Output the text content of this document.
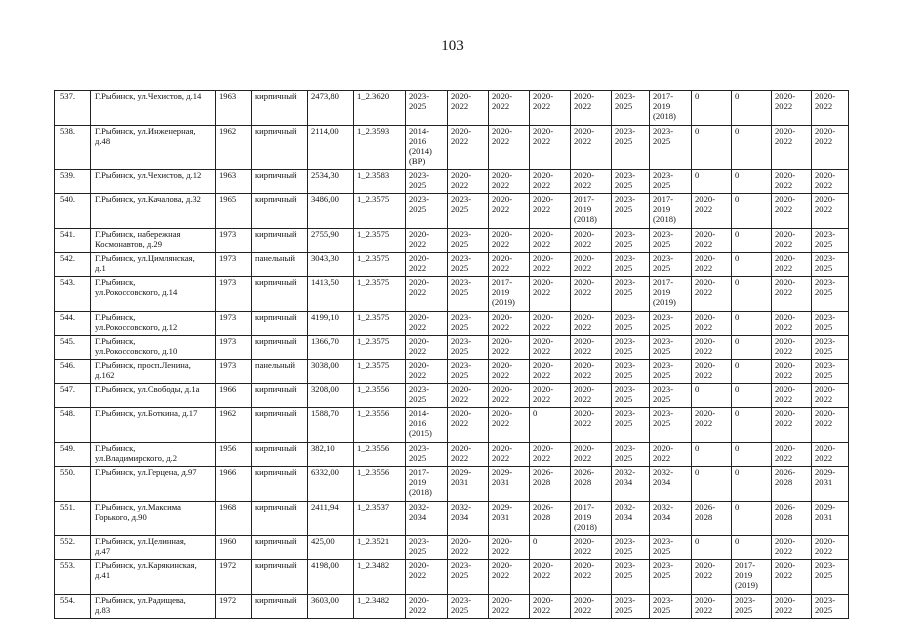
103
537.	Г.Рыбинск, ул.Чехистов, д.14	1963	кирпичный	2473,80	1_2.3620	2023-
2025	2020-
2022	2020-
2022	2020-
2022	2020-
2022	2023-
2025	2017-
2019
(2018)	0	0	2020-
2022	2020-
2022
538.	Г.Рыбинск, ул.Инженерная,
д.48	1962	кирпичный	2114,00	1_2.3593	2014-
2016
(2014)
(ВР)	2020-
2022	2020-
2022	2020-
2022	2020-
2022	2023-
2025	2023-
2025	0	0	2020-
2022	2020-
2022
539.	Г.Рыбинск, ул.Чехистов, д.12	1963	кирпичный	2534,30	1_2.3583	2023-
2025	2020-
2022	2020-
2022	2020-
2022	2020-
2022	2023-
2025	2023-
2025	0	0	2020-
2022	2020-
2022
540.	Г.Рыбинск, ул.Качалова, д.32	1965	кирпичный	3486,00	1_2.3575	2023-
2025	2023-
2025	2020-
2022	2020-
2022	2017-
2019
(2018)	2023-
2025	2017-
2019
(2018)	2020-
2022	0	2020-
2022	2020-
2022
541.	Г.Рыбинск, набережная
Космонавтов, д.29	1973	кирпичный	2755,90	1_2.3575	2020-
2022	2023-
2025	2020-
2022	2020-
2022	2020-
2022	2023-
2025	2023-
2025	2020-
2022	0	2020-
2022	2023-
2025
542.	Г.Рыбинск, ул.Цимлянская,
д.1	1973	панельный	3043,30	1_2.3575	2020-
2022	2023-
2025	2020-
2022	2020-
2022	2020-
2022	2023-
2025	2023-
2025	2020-
2022	0	2020-
2022	2023-
2025
543.	Г.Рыбинск,
ул.Рокоссовского, д.14	1973	кирпичный	1413,50	1_2.3575	2020-
2022	2023-
2025	2017-
2019
(2019)	2020-
2022	2020-
2022	2023-
2025	2017-
2019
(2019)	2020-
2022	0	2020-
2022	2023-
2025
544.	Г.Рыбинск,
ул.Рокоссовского, д.12	1973	кирпичный	4199,10	1_2.3575	2020-
2022	2023-
2025	2020-
2022	2020-
2022	2020-
2022	2023-
2025	2023-
2025	2020-
2022	0	2020-
2022	2023-
2025
545.	Г.Рыбинск,
ул.Рокоссовского, д.10	1973	кирпичный	1366,70	1_2.3575	2020-
2022	2023-
2025	2020-
2022	2020-
2022	2020-
2022	2023-
2025	2023-
2025	2020-
2022	0	2020-
2022	2023-
2025
546.	Г.Рыбинск, просп.Ленина,
д.162	1973	панельный	3038,00	1_2.3575	2020-
2022	2023-
2025	2020-
2022	2020-
2022	2020-
2022	2023-
2025	2023-
2025	2020-
2022	0	2020-
2022	2023-
2025
547.	Г.Рыбинск, ул.Свободы, д.1а	1966	кирпичный	3208,00	1_2.3556	2023-
2025	2020-
2022	2020-
2022	2020-
2022	2020-
2022	2023-
2025	2023-
2025	0	0	2020-
2022	2020-
2022
548.	Г.Рыбинск, ул.Боткина, д.17	1962	кирпичный	1588,70	1_2.3556	2014-
2016
(2015)	2020-
2022	2020-
2022	0	2020-
2022	2023-
2025	2023-
2025	2020-
2022	0	2020-
2022	2020-
2022
549.	Г.Рыбинск,
ул.Владимирского, д.2	1956	кирпичный	382,10	1_2.3556	2023-
2025	2020-
2022	2020-
2022	2020-
2022	2020-
2022	2023-
2025	2020-
2022	0	0	2020-
2022	2020-
2022
550.	Г.Рыбинск, ул.Герцена, д.97	1966	кирпичный	6332,00	1_2.3556	2017-
2019
(2018)	2029-
2031	2029-
2031	2026-
2028	2026-
2028	2032-
2034	2032-
2034	0	0	2026-
2028	2029-
2031
551.	Г.Рыбинск, ул.Максима
Горького, д.90	1968	кирпичный	2411,94	1_2.3537	2032-
2034	2032-
2034	2029-
2031	2026-
2028	2017-
2019
(2018)	2032-
2034	2032-
2034	2026-
2028	0	2026-
2028	2029-
2031
552.	Г.Рыбинск, ул.Целинная,
д.47	1960	кирпичный	425,00	1_2.3521	2023-
2025	2020-
2022	2020-
2022	0	2020-
2022	2023-
2025	2023-
2025	0	0	2020-
2022	2020-
2022
553.	Г.Рыбинск, ул.Карякинская,
д.41	1972	кирпичный	4198,00	1_2.3482	2020-
2022	2023-
2025	2020-
2022	2020-
2022	2020-
2022	2023-
2025	2023-
2025	2020-
2022	2017-
2019
(2019)	2020-
2022	2023-
2025
554.	Г.Рыбинск, ул.Радищева,
д.83	1972	кирпичный	3603,00	1_2.3482	2020-
2022	2023-
2025	2020-
2022	2020-
2022	2020-
2022	2023-
2025	2023-
2025	2020-
2022	2023-
2025	2020-
2022	2023-
2025
